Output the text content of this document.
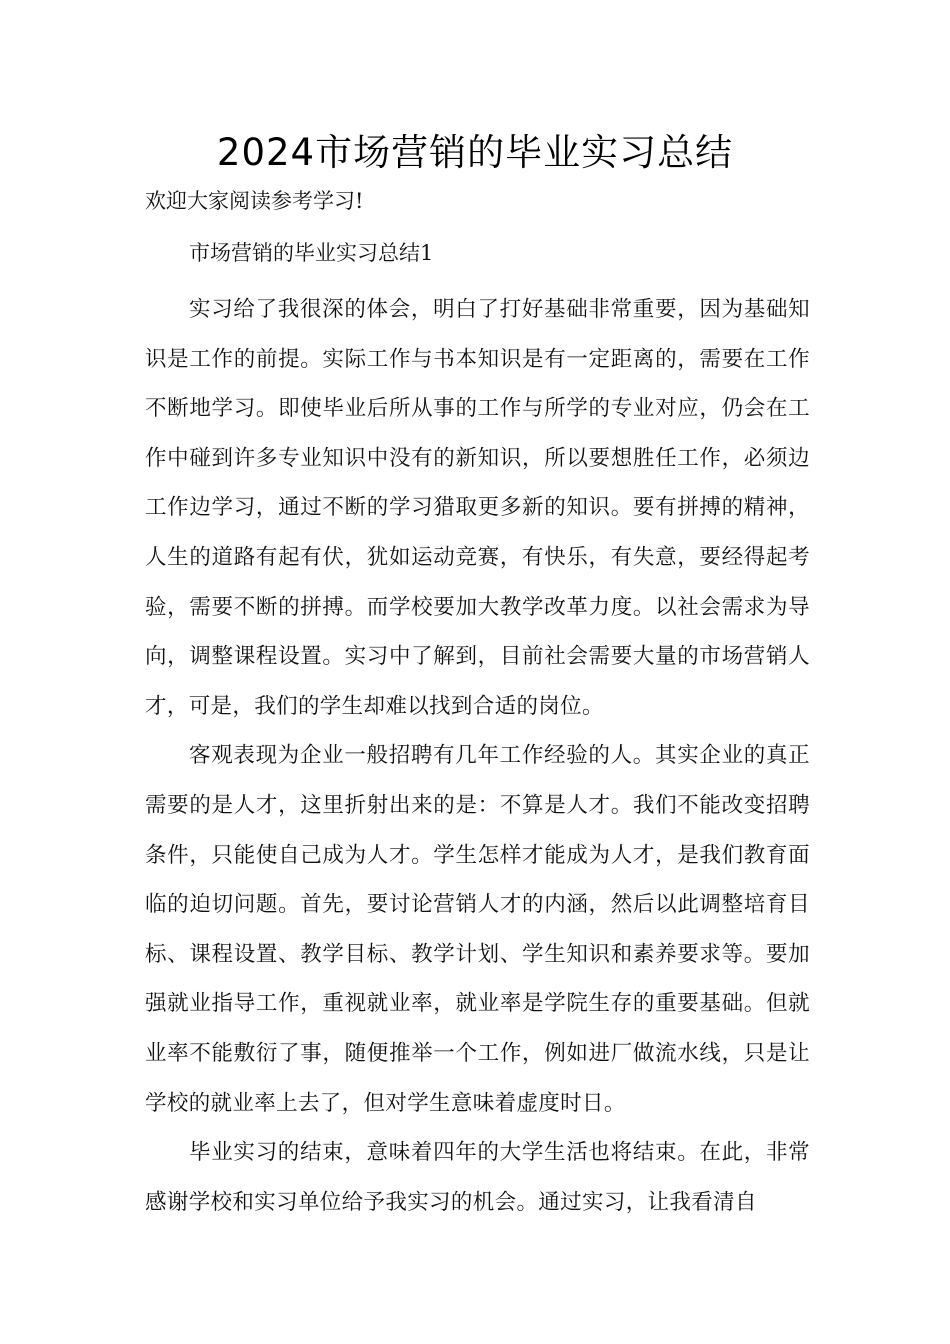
2024市场营销的毕业实习总结

欢迎大家阅读参考学习!

市场营销的毕业实习总结1

实习给了我很深的体会，明白了打好基础非常重要，因为基础知识是工作的前提。实际工作与书本知识是有一定距离的，需要在工作不断地学习。即使毕业后所从事的工作与所学的专业对应，仍会在工作中碰到许多专业知识中没有的新知识，所以要想胜任工作，必须边工作边学习，通过不断的学习猎取更多新的知识。要有拼搏的精神，人生的道路有起有伏，犹如运动竞赛，有快乐，有失意，要经得起考验，需要不断的拼搏。而学校要加大教学改革力度。以社会需求为导向，调整课程设置。实习中了解到，目前社会需要大量的市场营销人才，可是，我们的学生却难以找到合适的岗位。

客观表现为企业一般招聘有几年工作经验的人。其实企业的真正需要的是人才，这里折射出来的是：不算是人才。我们不能改变招聘条件，只能使自己成为人才。学生怎样才能成为人才，是我们教育面临的迫切问题。首先，要讨论营销人才的内涵，然后以此调整培育目标、课程设置、教学目标、教学计划、学生知识和素养要求等。要加强就业指导工作，重视就业率，就业率是学院生存的重要基础。但就业率不能敷衍了事，随便推举一个工作，例如进厂做流水线，只是让学校的就业率上去了，但对学生意味着虚度时日。

毕业实习的结束，意味着四年的大学生活也将结束。在此，非常感谢学校和实习单位给予我实习的机会。通过实习，让我看清自
